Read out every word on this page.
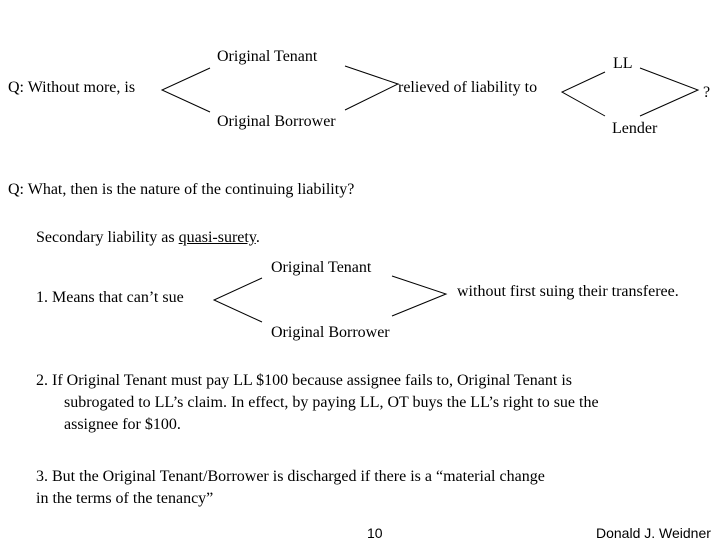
Q: Without more, is
Original Tenant
Original Borrower
relieved of liability to
LL
Lender
?
Q: What, then is the nature of the continuing liability?
Secondary liability as quasi-surety.
1. Means that can’t sue
Original Tenant
Original Borrower
without first suing their transferee.
2. If Original Tenant must pay LL $100 because assignee fails to, Original Tenant is
subrogated to LL’s claim. In effect, by paying LL, OT buys the LL’s right to sue the
assignee for $100.
3. But the Original Tenant/Borrower is discharged if there is a “material change
in the terms of the tenancy”
10	Donald J. Weidner
